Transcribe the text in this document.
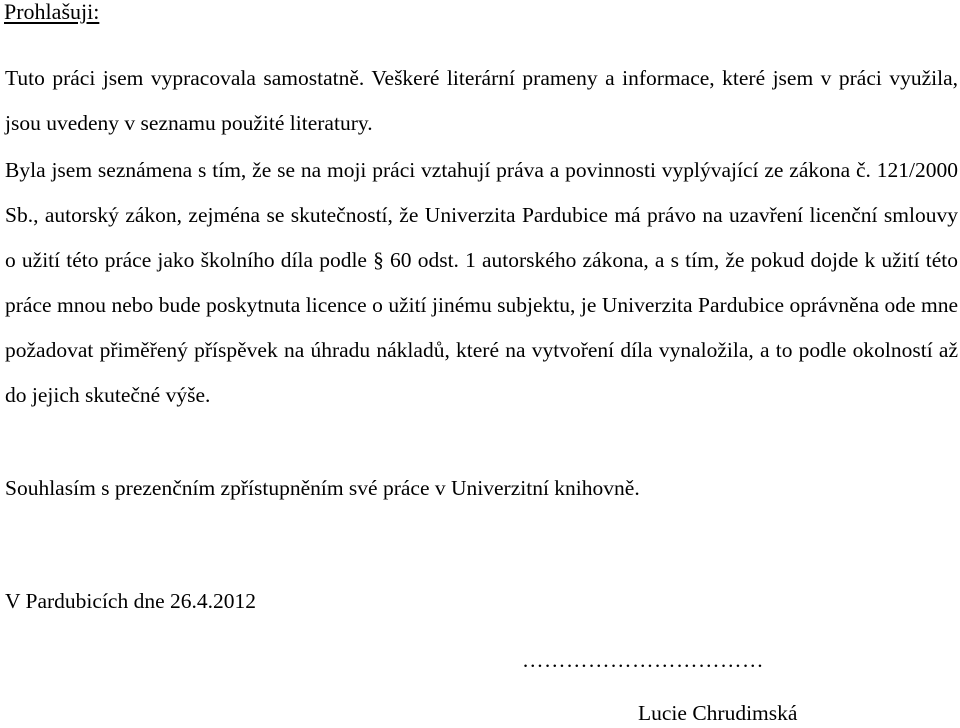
Prohlašuji:

Tuto práci jsem vypracovala samostatně. Veškeré literární prameny a informace, které jsem v práci využila, jsou uvedeny v seznamu použité literatury.

Byla jsem seznámena s tím, že se na moji práci vztahují práva a povinnosti vyplývající ze zákona č. 121/2000 Sb., autorský zákon, zejména se skutečností, že Univerzita Pardubice má právo na uzavření licenční smlouvy o užití této práce jako školního díla podle § 60 odst. 1 autorského zákona, a s tím, že pokud dojde k užití této práce mnou nebo bude poskytnuta licence o užití jinému subjektu, je Univerzita Pardubice oprávněna ode mne požadovat přiměřený příspěvek na úhradu nákladů, které na vytvoření díla vynaložila, a to podle okolností až do jejich skutečné výše.

Souhlasím s prezenčním zpřístupněním své práce v Univerzitní knihovně.

V Pardubicích dne 26.4.2012

……………………………

Lucie Chrudimská
